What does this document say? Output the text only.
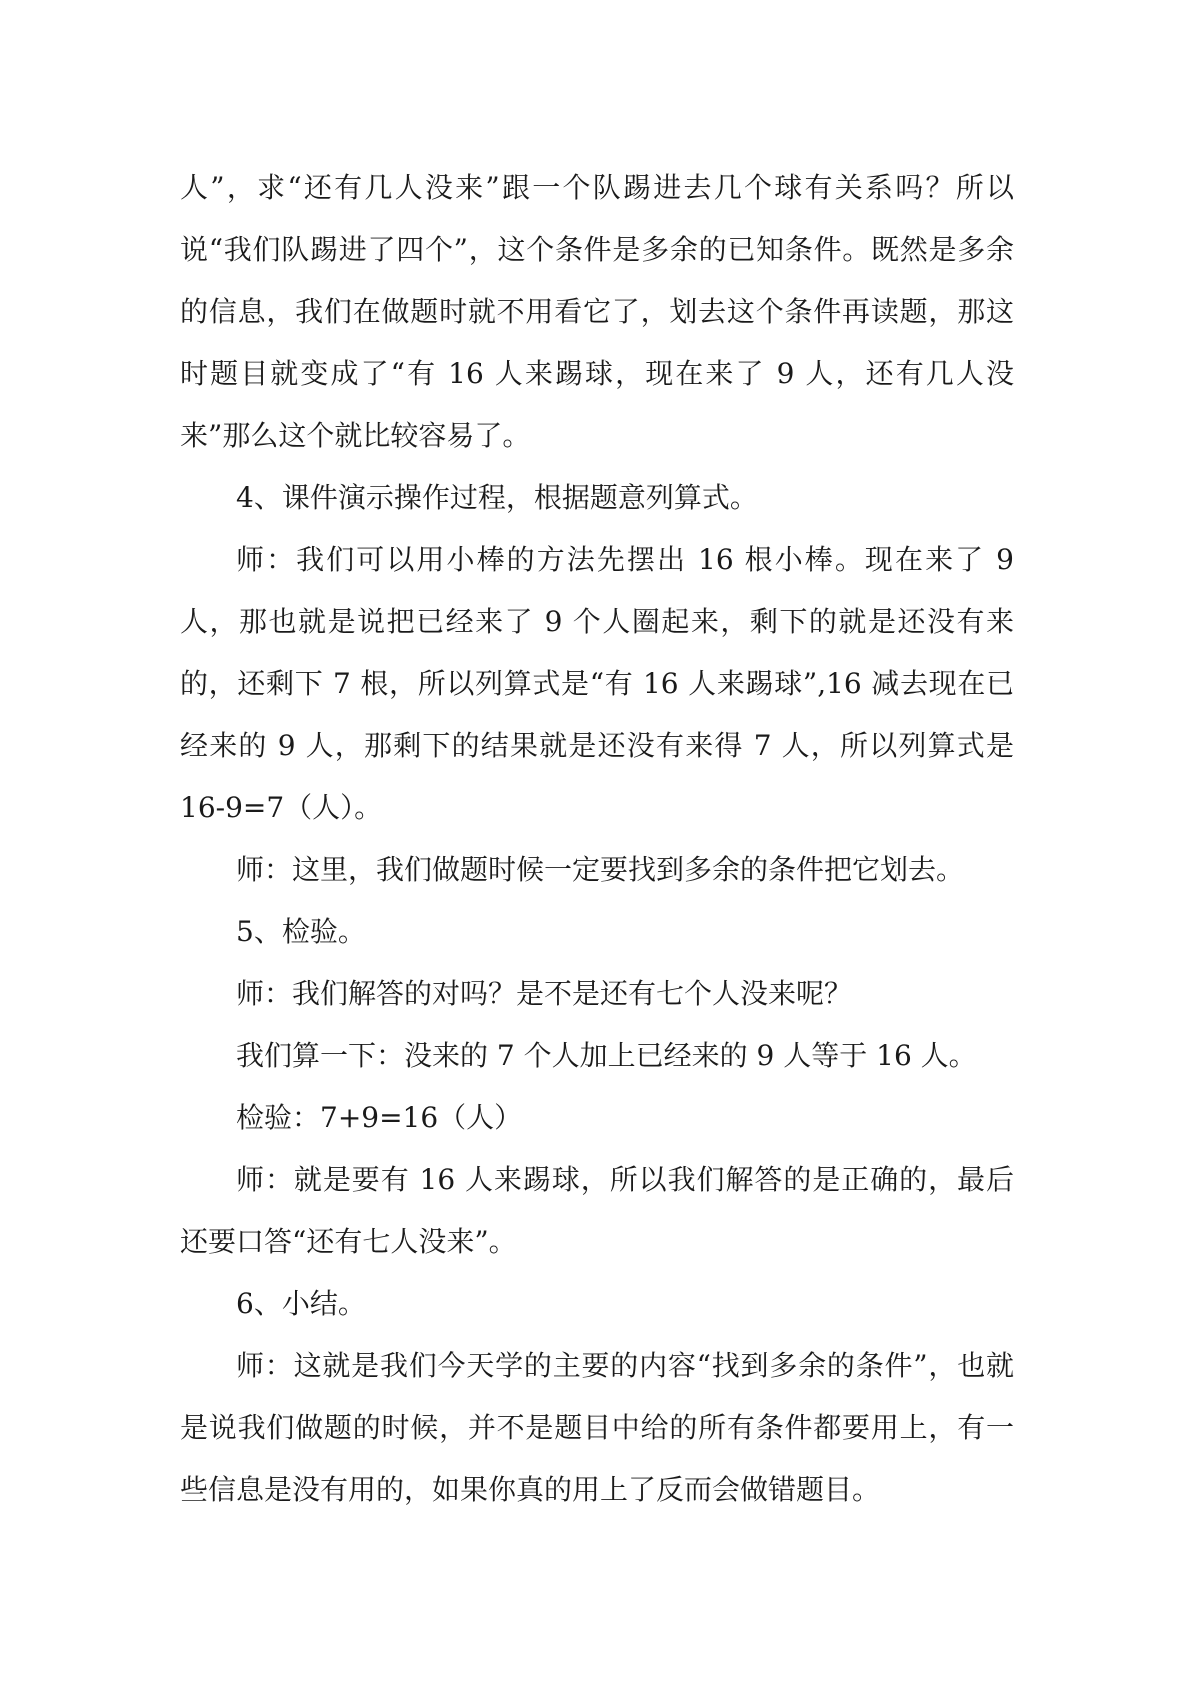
人”，求“还有几人没来”跟一个队踢进去几个球有关系吗？所以说“我们队踢进了四个”，这个条件是多余的已知条件。既然是多余的信息，我们在做题时就不用看它了，划去这个条件再读题，那这时题目就变成了“有 16 人来踢球，现在来了 9 人，还有几人没来”那么这个就比较容易了。

4、课件演示操作过程，根据题意列算式。

师：我们可以用小棒的方法先摆出 16 根小棒。现在来了 9 人，那也就是说把已经来了 9 个人圈起来，剩下的就是还没有来的，还剩下 7 根，所以列算式是“有 16 人来踢球”,16 减去现在已经来的 9 人，那剩下的结果就是还没有来得 7 人，所以列算式是 16-9=7（人）。

师：这里，我们做题时候一定要找到多余的条件把它划去。

5、检验。

师：我们解答的对吗？是不是还有七个人没来呢？

我们算一下：没来的 7 个人加上已经来的 9 人等于 16 人。

检验：7+9=16（人）

师：就是要有 16 人来踢球，所以我们解答的是正确的，最后还要口答“还有七人没来”。

6、小结。

师：这就是我们今天学的主要的内容“找到多余的条件”，也就是说我们做题的时候，并不是题目中给的所有条件都要用上，有一些信息是没有用的，如果你真的用上了反而会做错题目。
